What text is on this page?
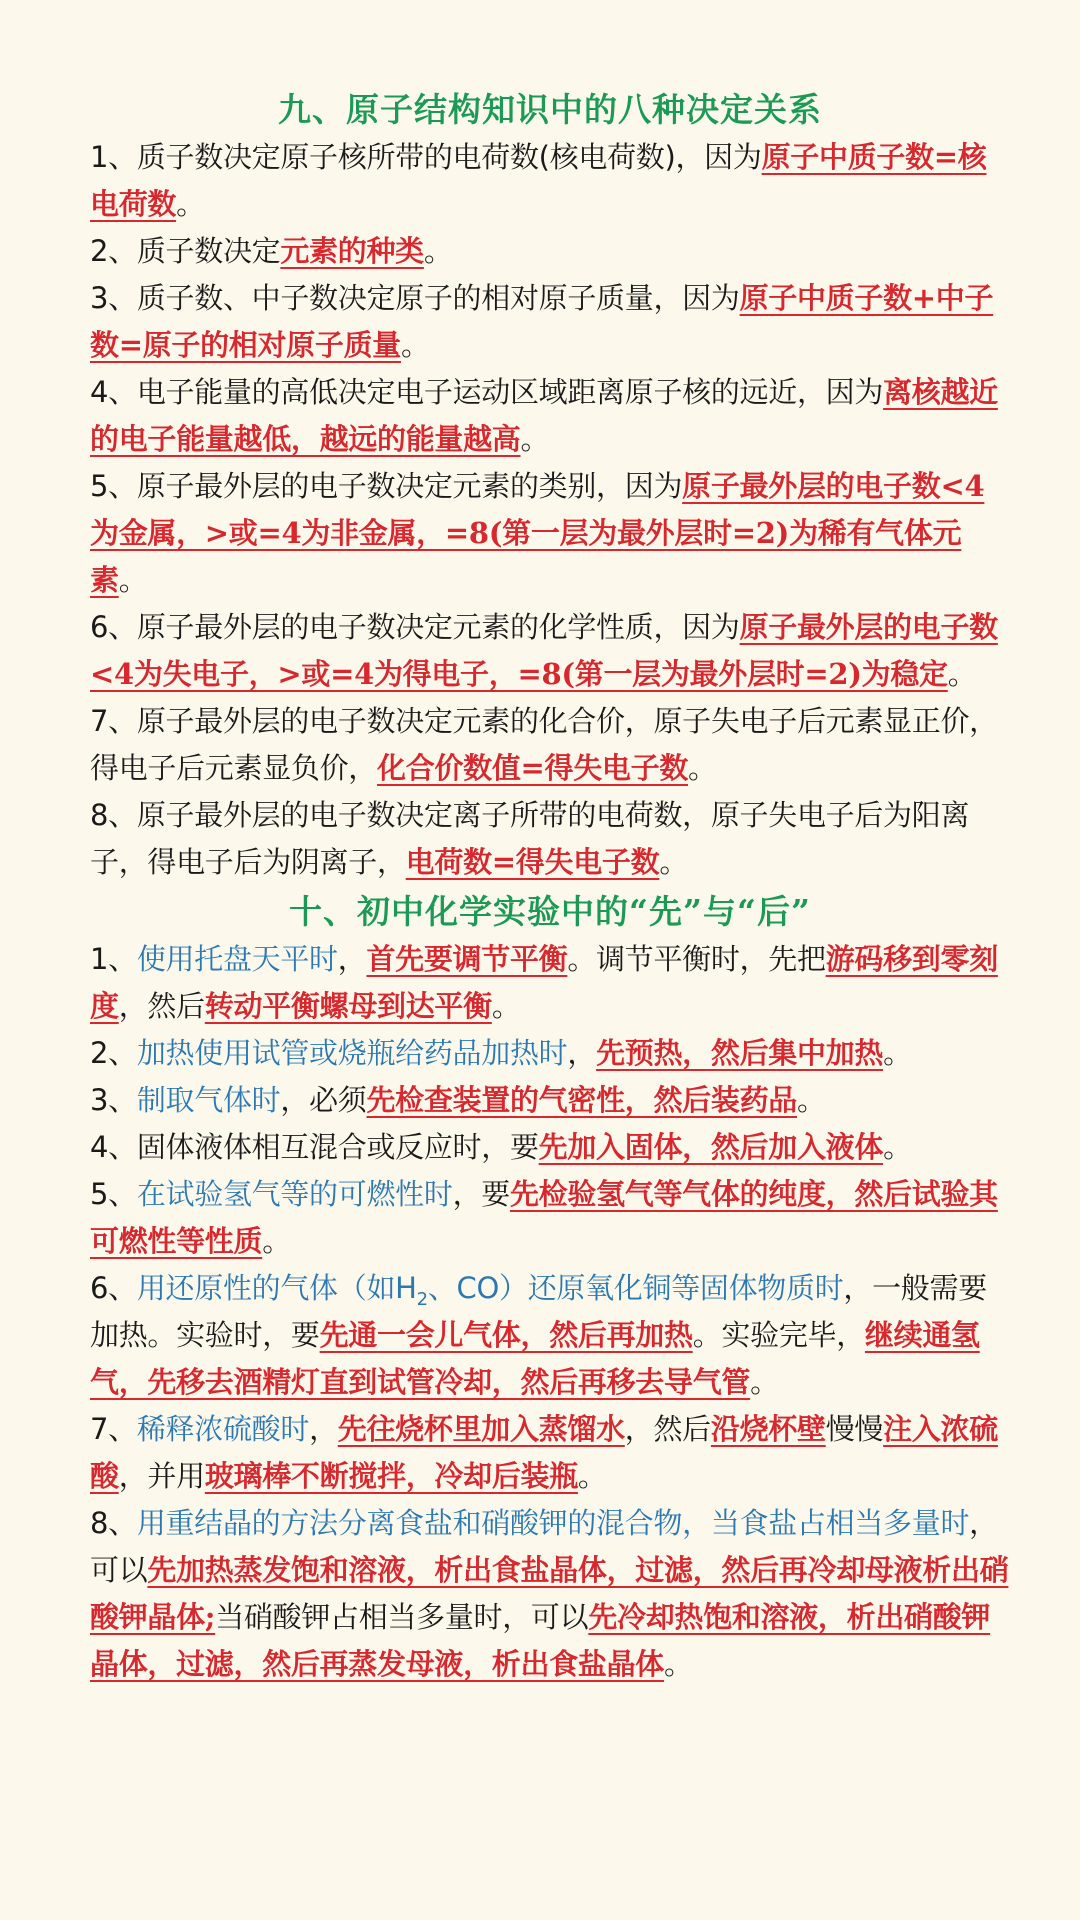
九、原子结构知识中的八种决定关系

1、质子数决定原子核所带的电荷数(核电荷数)，因为原子中质子数=核电荷数。

2、质子数决定元素的种类。

3、质子数、中子数决定原子的相对原子质量，因为原子中质子数+中子数=原子的相对原子质量。

4、电子能量的高低决定电子运动区域距离原子核的远近，因为离核越近的电子能量越低，越远的能量越高。

5、原子最外层的电子数决定元素的类别，因为原子最外层的电子数<4为金属，>或=4为非金属，=8(第一层为最外层时=2)为稀有气体元素。

6、原子最外层的电子数决定元素的化学性质，因为原子最外层的电子数<4为失电子，>或=4为得电子，=8(第一层为最外层时=2)为稳定。

7、原子最外层的电子数决定元素的化合价，原子失电子后元素显正价，得电子后元素显负价，化合价数值=得失电子数。

8、原子最外层的电子数决定离子所带的电荷数，原子失电子后为阳离子，得电子后为阴离子，电荷数=得失电子数。

十、初中化学实验中的“先”与“后”

1、使用托盘天平时，首先要调节平衡。调节平衡时，先把游码移到零刻度，然后转动平衡螺母到达平衡。

2、加热使用试管或烧瓶给药品加热时，先预热，然后集中加热。

3、制取气体时，必须先检查装置的气密性，然后装药品。

4、固体液体相互混合或反应时，要先加入固体，然后加入液体。

5、在试验氢气等的可燃性时，要先检验氢气等气体的纯度，然后试验其可燃性等性质。

6、用还原性的气体（如$H_2$、CO）还原氧化铜等固体物质时，一般需要加热。实验时，要先通一会儿气体，然后再加热。实验完毕，继续通氢气，先移去酒精灯直到试管冷却，然后再移去导气管。

7、稀释浓硫酸时，先往烧杯里加入蒸馏水，然后沿烧杯壁慢慢注入浓硫酸，并用玻璃棒不断搅拌，冷却后装瓶。

8、用重结晶的方法分离食盐和硝酸钾的混合物，当食盐占相当多量时，可以先加热蒸发饱和溶液，析出食盐晶体，过滤，然后再冷却母液析出硝酸钾晶体;当硝酸钾占相当多量时，可以先冷却热饱和溶液，析出硝酸钾晶体，过滤，然后再蒸发母液，析出食盐晶体。
